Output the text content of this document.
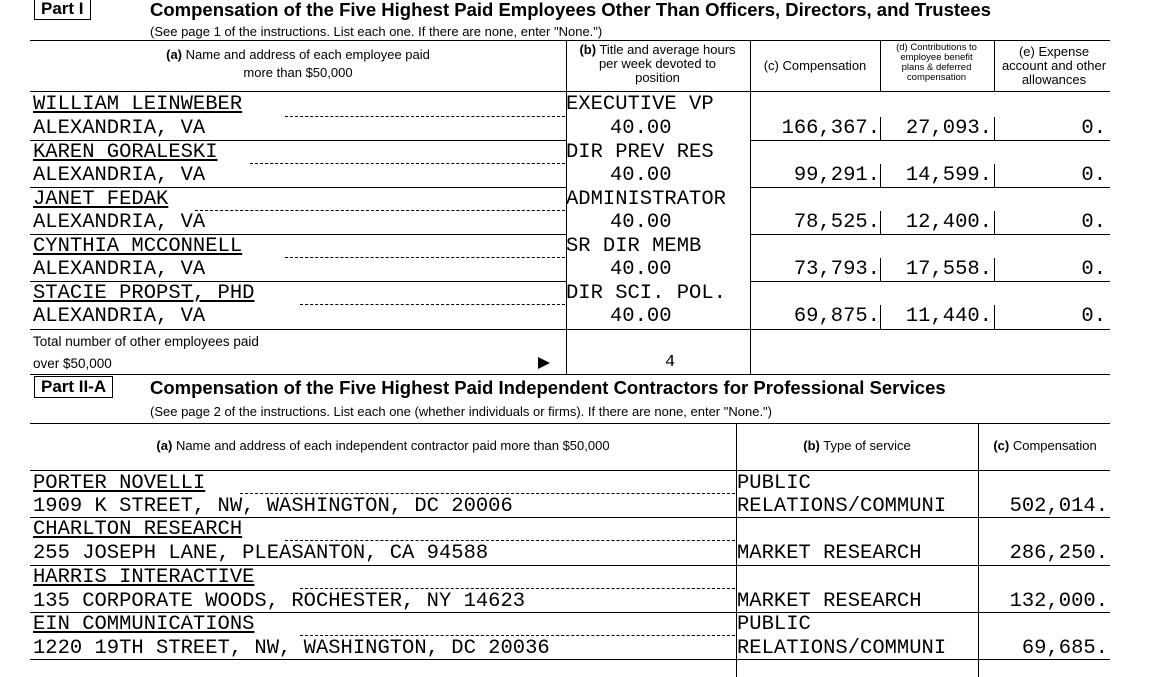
Part I	Compensation of the Five Highest Paid Employees Other Than Officers, Directors, and Trustees
(See page 1 of the instructions. List each one. If there are none, enter "None.")
(a) Name and address of each employee paid
more than $50,000
(b) Title and average hours
per week devoted to
position
(c) Compensation
(d) Contributions to
employee benefit
plans & deferred
compensation
(e) Expense
account and other
allowances
WILLIAM LEINWEBER
ALEXANDRIA, VA
EXECUTIVE VP
40.00	166,367.	27,093.	0.
KAREN GORALESKI
ALEXANDRIA, VA
DIR PREV RES
40.00	99,291.	14,599.	0.
JANET FEDAK
ALEXANDRIA, VA
ADMINISTRATOR
40.00	78,525.	12,400.	0.
CYNTHIA MCCONNELL
ALEXANDRIA, VA
SR DIR MEMB
40.00	73,793.	17,558.	0.
STACIE PROPST, PHD
ALEXANDRIA, VA
DIR SCI. POL.
40.00	69,875.	11,440.	0.
Total number of other employees paid
over $50,000	4
Part II-A	Compensation of the Five Highest Paid Independent Contractors for Professional Services
(See page 2 of the instructions. List each one (whether individuals or firms). If there are none, enter "None.")
(a) Name and address of each independent contractor paid more than $50,000	(b) Type of service	(c) Compensation
PORTER NOVELLI
1909 K STREET, NW, WASHINGTON, DC 20006
PUBLIC
RELATIONS/COMMUNI	502,014.
CHARLTON RESEARCH
255 JOSEPH LANE, PLEASANTON, CA 94588	MARKET RESEARCH	286,250.
HARRIS INTERACTIVE
135 CORPORATE WOODS, ROCHESTER, NY 14623	MARKET RESEARCH	132,000.
EIN COMMUNICATIONS
1220 19TH STREET, NW, WASHINGTON, DC 20036
PUBLIC
RELATIONS/COMMUNI	69,685.
